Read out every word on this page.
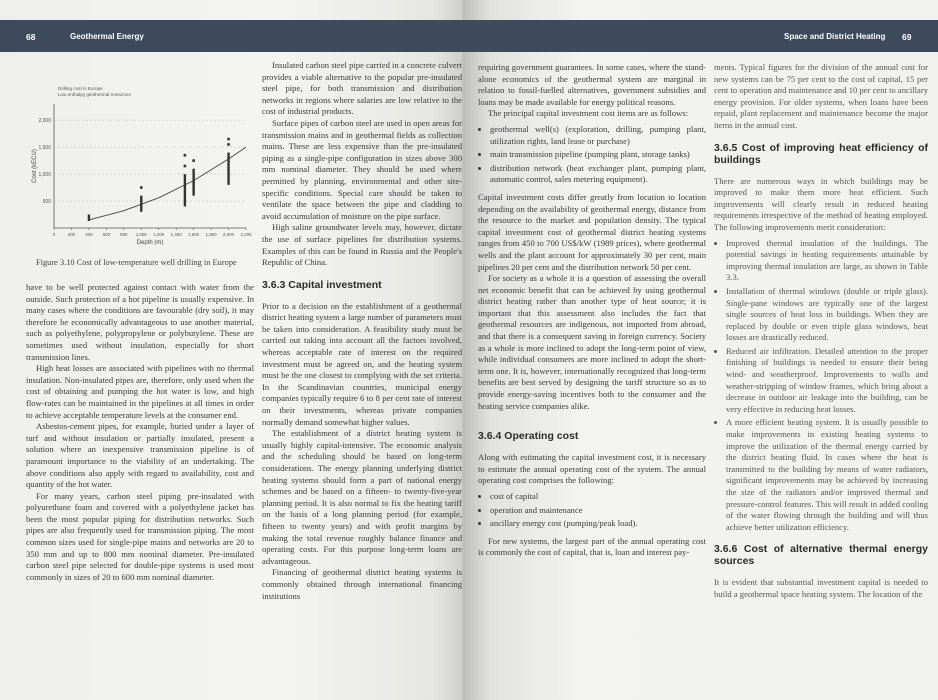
68	Geothermal Energy
500
1,000
1,500
2,000
0	200 400 600 800 1,000 1,200 1,400 1,600 1,800 2,000 2,200
Depth (m)
Cost (kECU)
Drilling cost in Europe
Low enthalpy geothermal resources
Figure 3.10 Cost of low-temperature well drilling in Europe

have to be well protected against contact with water from the outside. Such protection of a hot pipeline is usually expensive. In many cases where the conditions are favourable (dry soil), it may therefore be economically advantageous to use another material, such as polyethylene, polypropylene or polybutylene. These are sometimes used without insulation, especially for short transmission lines.

High heat losses are associated with pipelines with no thermal insulation. Non-insulated pipes are, therefore, only used when the cost of obtaining and pumping the hot water is low, and high flow-rates can be maintained in the pipelines at all times in order to achieve acceptable temperature levels at the consumer end.

Asbestos-cement pipes, for example, buried under a layer of turf and without insulation or partially insulated, present a solution where an inexpensive transmission pipeline is of paramount importance to the viability of an undertaking. The above conditions also apply with regard to availability, cost and quantity of the hot water.

For many years, carbon steel piping pre-insulated with polyurethane foam and covered with a polyethylene jacket has been the most popular piping for distribution networks. Such pipes are also frequently used for transmission piping. The most common sizes used for single-pipe mains and networks are 20 to 350 mm and up to 800 mm nominal diameter. Pre-insulated carbon steel pipe selected for double-pipe systems is used most commonly in sizes of 20 to 600 mm nominal diameter.

Insulated carbon steel pipe carried in a concrete culvert provides a viable alternative to the popular pre-insulated steel pipe, for both transmission and distribution networks in regions where salaries are low relative to the cost of industrial products.

Surface pipes of carbon steel are used in open areas for transmission mains and in geothermal fields as collection mains. These are less expensive than the pre-insulated piping as a single-pipe configuration in sizes above 300 mm nominal diameter. They should be used where permitted by planning, environmental and other site-specific conditions. Special care should be taken to ventilate the space between the pipe and cladding to avoid accumulation of moisture on the pipe surface.

High saline groundwater levels may, however, dictate the use of surface pipelines for distribution systems. Examples of this can be found in Russia and the People's Republic of China.

3.6.3 Capital investment

Prior to a decision on the establishment of a geothermal district heating system a large number of parameters must be taken into consideration. A feasibility study must be carried out taking into account all the factors involved, whereas acceptable rate of interest on the required investment must be agreed on, and the heating system must be the one closest to complying with the set criteria. In the Scandinavian countries, municipal energy companies typically require 6 to 8 per cent rate of interest on their investments, whereas private companies normally demand somewhat higher values.

The establishment of a district heating system is usually highly capital-intensive. The economic analysis and the scheduling should be based on long-term considerations. The energy planning underlying district heating systems should form a part of national energy schemes and be based on a fifteen- to twenty-five-year planning period. It is also normal to fix the heating tariff on the basis of a long planning period (for example, fifteen to twenty years) and with profit margins by making the total revenue roughly balance finance and operating costs. For this purpose long-term loans are advantageous.

Financing of geothermal district heating systems is commonly obtained through international financing institutions

Space and District Heating 69

requiring government guarantees. In some cases, where the stand-alone economics of the geothermal system are marginal in relation to fossil-fuelled alternatives, government subsidies and loans may be made available for energy political reasons.

The principal capital investment cost items are as follows:

• geothermal well(s) (exploration, drilling, pumping plant, utilization rights, land lease or purchase)
• main transmission pipeline (pumping plant, storage tanks)
• distribution network (heat exchanger plant, pumping plant, automatic control, sales metering equipment).

Capital investment costs differ greatly from location to location depending on the availability of geothermal energy, distance from the resource to the market and population density. The typical capital investment cost of geothermal district heating systems ranges from 450 to 700 US$/kW (1989 prices), where geothermal wells and the plant account for approximately 30 per cent, main pipelines 20 per cent and the distribution network 50 per cent.

For society as a whole it is a question of assessing the overall net economic benefit that can be achieved by using geothermal district heating rather than another type of heat source; it is important that this assessment also includes the fact that geothermal resources are indigenous, not imported from abroad, and that there is a consequent saving in foreign currency. Society as a whole is more inclined to adopt the long-term point of view, while individual consumers are more inclined to adopt the short-term one. It is, however, internationally recognized that long-term benefits are best served by designing the tariff structure so as to provide energy-saving incentives both to the consumer and the heating service companies alike.

3.6.4 Operating cost

Along with estimating the capital investment cost, it is necessary to estimate the annual operating cost of the system. The annual operating cost comprises the following:

• cost of capital
• operation and maintenance
• ancillary energy cost (pumping/peak load).

For new systems, the largest part of the annual operating cost is commonly the cost of capital, that is, loan and interest pay-

ments. Typical figures for the division of the annual cost for new systems can be 75 per cent to the cost of capital, 15 per cent to operation and maintenance and 10 per cent to ancillary energy provision. For older systems, when loans have been repaid, plant replacement and maintenance become the major items in the annual cost.

3.6.5 Cost of improving heat efficiency of buildings

There are numerous ways in which buildings may be improved to make them more heat efficient. Such improvements will clearly result in reduced heating requirements irrespective of the method of heating employed. The following improvements merit consideration:

• Improved thermal insulation of the buildings. The potential savings in heating requirements attainable by improving thermal insulation are large, as shown in Table 3.3.
• Installation of thermal windows (double or triple glass). Single-pane windows are typically one of the largest single sources of heat loss in buildings. When they are replaced by double or even triple glass windows, heat losses are drastically reduced.
• Reduced air infiltration. Detailed attention to the proper finishing of buildings is needed to ensure their being wind- and weatherproof. Improvements to walls and weather-stripping of window frames, which bring about a decrease in outdoor air leakage into the building, can be very effective in reducing heat losses.
• A more efficient heating system. It is usually possible to make improvements in existing heating systems to improve the utilization of the thermal energy carried by the district heating fluid. In cases where the heat is transmitted to the building by means of water radiators, significant improvements may be achieved by increasing the size of the radiators and/or improved thermal and pressure-control features. This will result in added cooling of the water flowing through the building and will thus achieve better utilization efficiency.
3.6.6 Cost of alternative thermal energy sources

It is evident that substantial investment capital is needed to build a geothermal space heating system. The location of the
